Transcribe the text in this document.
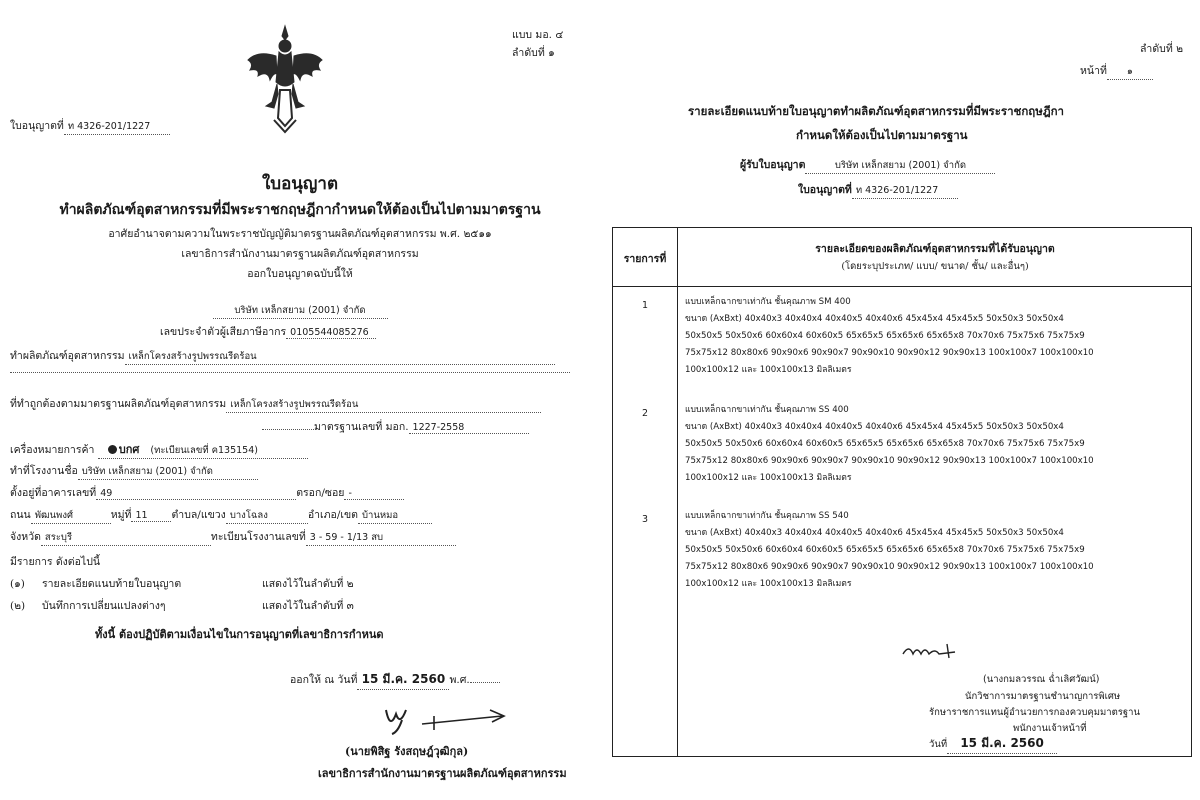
แบบ มอ. ๔
ลำดับที่ ๑
ใบอนุญาตที่ ท 4326-201/1227
ใบอนุญาต
ทำผลิตภัณฑ์อุตสาหกรรมที่มีพระราชกฤษฎีกากำหนดให้ต้องเป็นไปตามมาตรฐาน
อาศัยอำนาจตามความในพระราชบัญญัติมาตรฐานผลิตภัณฑ์อุตสาหกรรม พ.ศ. ๒๕๑๑
เลขาธิการสำนักงานมาตรฐานผลิตภัณฑ์อุตสาหกรรม
ออกใบอนุญาตฉบับนี้ให้
บริษัท เหล็กสยาม (2001) จำกัด
เลขประจำตัวผู้เสียภาษีอากร 0105544085276
ทำผลิตภัณฑ์อุตสาหกรรม เหล็กโครงสร้างรูปพรรณรีดร้อน
ที่ทำถูกต้องตามมาตรฐานผลิตภัณฑ์อุตสาหกรรม เหล็กโครงสร้างรูปพรรณรีดร้อน
มาตรฐานเลขที่ มอก. 1227-2558
เครื่องหมายการค้า บกศ (ทะเบียนเลขที่ ค135154)
ทำที่โรงงานชื่อ บริษัท เหล็กสยาม (2001) จำกัด
ตั้งอยู่ที่อาคารเลขที่ 49	ตรอก/ซอย -
ถนน พัฒนพงศ์	หมู่ที่ 11 ตำบล/แขวง บางโฉลง	อำเภอ/เขต บ้านหมอ
จังหวัด สระบุรี	ทะเบียนโรงงานเลขที่ 3 - 59 - 1/13 สบ
มีรายการ ดังต่อไปนี้
(๑) รายละเอียดแนบท้ายใบอนุญาต	แสดงไว้ในลำดับที่ ๒
(๒) บันทึกการเปลี่ยนแปลงต่างๆ	แสดงไว้ในลำดับที่ ๓
ทั้งนี้ ต้องปฏิบัติตามเงื่อนไขในการอนุญาตที่เลขาธิการกำหนด
ออกให้ ณ วันที่ 15 มี.ค. 2560 พ.ศ.
(นายพิสิฐ รังสฤษฎ์วุฒิกุล)
เลขาธิการสำนักงานมาตรฐานผลิตภัณฑ์อุตสาหกรรม
ลำดับที่ ๒
หน้าที่ ๑
รายละเอียดแนบท้ายใบอนุญาตทำผลิตภัณฑ์อุตสาหกรรมที่มีพระราชกฤษฎีกา
กำหนดให้ต้องเป็นไปตามมาตรฐาน
ผู้รับใบอนุญาต	บริษัท เหล็กสยาม (2001) จำกัด
ใบอนุญาตที่ ท 4326-201/1227
รายการที่
รายละเอียดของผลิตภัณฑ์อุตสาหกรรมที่ได้รับอนุญาต
(โดยระบุประเภท/ แบบ/ ขนาด/ ชั้น/ และอื่นๆ)
1	แบบเหล็กฉากขาเท่ากัน ชั้นคุณภาพ SM 400
ขนาด (AxBxt) 40x40x3 40x40x4 40x40x5 40x40x6 45x45x4 45x45x5 50x50x3 50x50x4
50x50x5 50x50x6 60x60x4 60x60x5 65x65x5 65x65x6 65x65x8 70x70x6 75x75x6 75x75x9
75x75x12 80x80x6 90x90x6 90x90x7 90x90x10 90x90x12 90x90x13 100x100x7 100x100x10
100x100x12 และ 100x100x13 มิลลิเมตร
2	แบบเหล็กฉากขาเท่ากัน ชั้นคุณภาพ SS 400
ขนาด (AxBxt) 40x40x3 40x40x4 40x40x5 40x40x6 45x45x4 45x45x5 50x50x3 50x50x4
50x50x5 50x50x6 60x60x4 60x60x5 65x65x5 65x65x6 65x65x8 70x70x6 75x75x6 75x75x9
75x75x12 80x80x6 90x90x6 90x90x7 90x90x10 90x90x12 90x90x13 100x100x7 100x100x10
100x100x12 และ 100x100x13 มิลลิเมตร
3	แบบเหล็กฉากขาเท่ากัน ชั้นคุณภาพ SS 540
ขนาด (AxBxt) 40x40x3 40x40x4 40x40x5 40x40x6 45x45x4 45x45x5 50x50x3 50x50x4
50x50x5 50x50x6 60x60x4 60x60x5 65x65x5 65x65x6 65x65x8 70x70x6 75x75x6 75x75x9
75x75x12 80x80x6 90x90x6 90x90x7 90x90x10 90x90x12 90x90x13 100x100x7 100x100x10
100x100x12 และ 100x100x13 มิลลิเมตร
(นางกมลวรรณ ฉ่ำเลิศวัฒน์)
นักวิชาการมาตรฐานชำนาญการพิเศษ
รักษาราชการแทนผู้อำนวยการกองควบคุมมาตรฐาน
พนักงานเจ้าหน้าที่
วันที่ 15 มี.ค. 2560
